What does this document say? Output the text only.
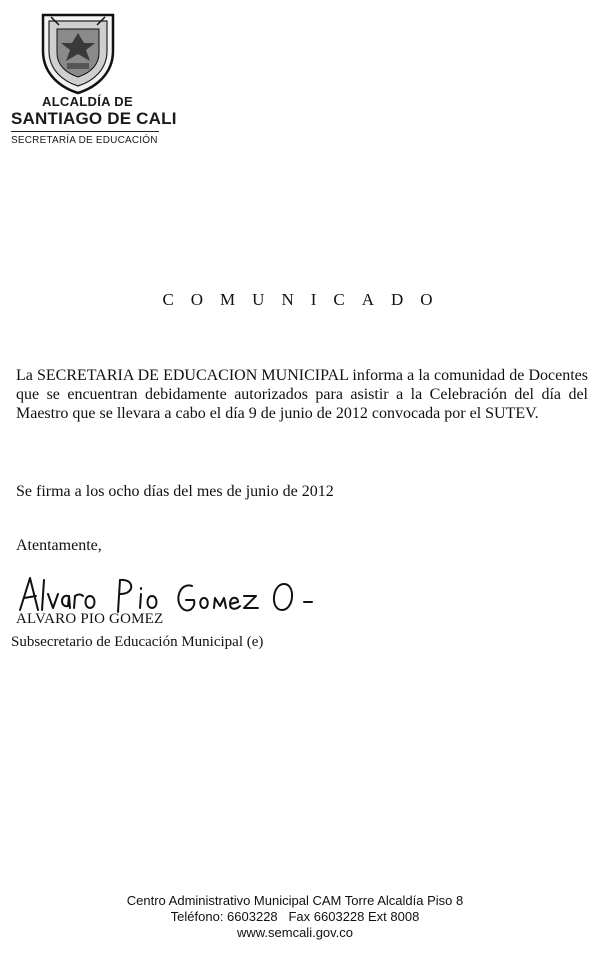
ALCALDÍA DE
SANTIAGO DE CALI
SECRETARÍA DE EDUCACIÓN
COMUNICADO
La SECRETARIA DE EDUCACION MUNICIPAL informa a la comunidad de Docentes que se encuentran debidamente autorizados para asistir a la Celebración del día del Maestro que se llevara a cabo el día 9 de junio de 2012 convocada por el SUTEV.
Se firma a los ocho días del mes de junio de 2012
Atentamente,
ALVARO PIO GOMEZ
Subsecretario de Educación Municipal (e)
Centro Administrativo Municipal CAM Torre Alcaldía Piso 8
Teléfono: 6603228   Fax 6603228 Ext 8008
www.semcali.gov.co
